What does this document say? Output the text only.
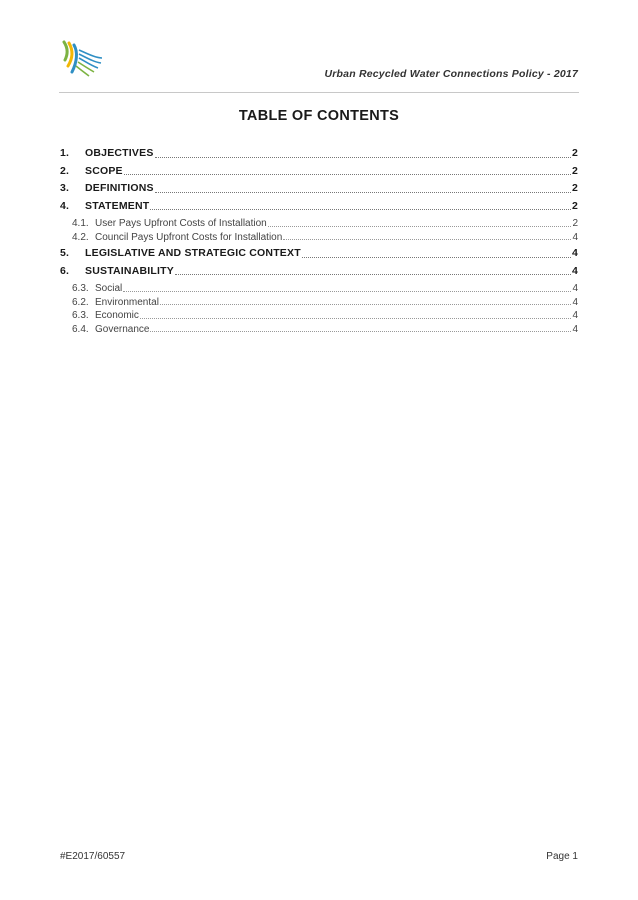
Urban Recycled Water Connections Policy - 2017
TABLE OF CONTENTS
1.	OBJECTIVES	2
2.	SCOPE	2
3.	DEFINITIONS	2
4.	STATEMENT	2
4.1. User Pays Upfront Costs of Installation	2
4.2. Council Pays Upfront Costs for Installation	4
5.	LEGISLATIVE AND STRATEGIC CONTEXT	4
6.	SUSTAINABILITY	4
6.3. Social	4
6.2. Environmental	4
6.3. Economic	4
6.4. Governance	4
#E2017/60557	Page 1
